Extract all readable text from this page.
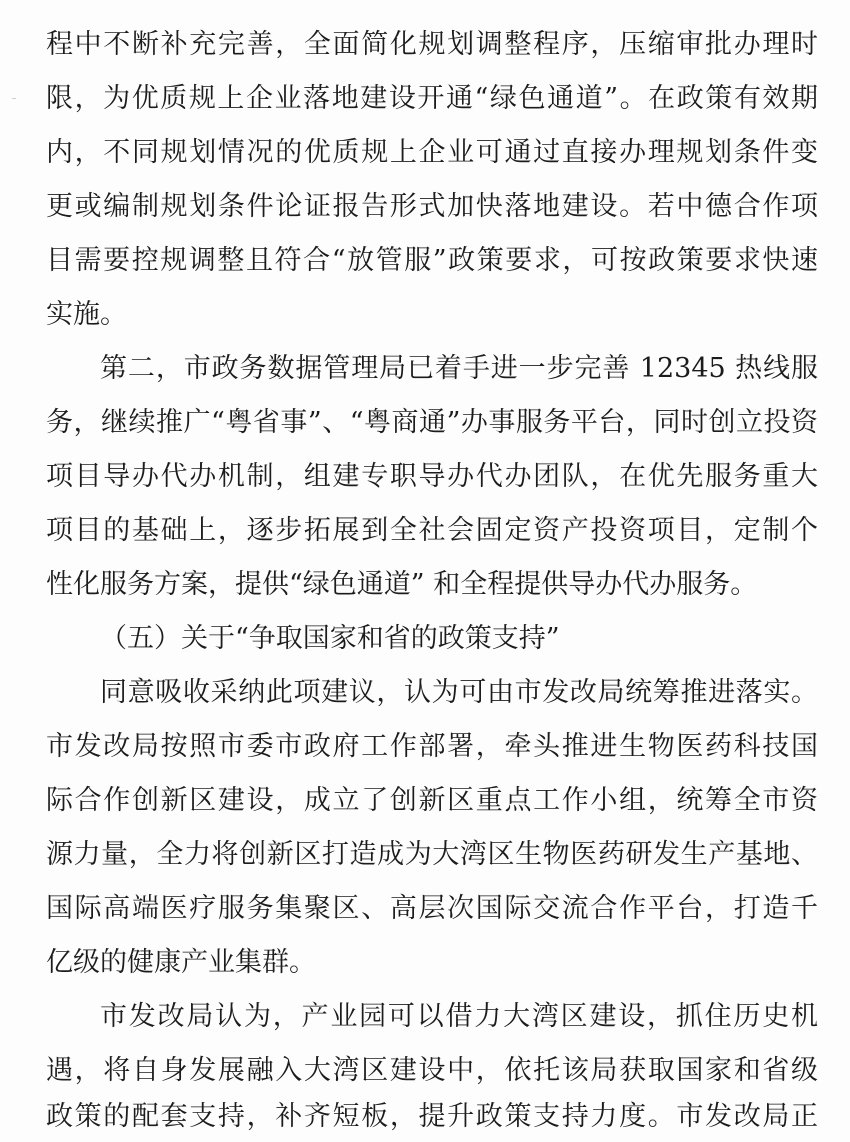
程中不断补充完善，全面简化规划调整程序，压缩审批办理时
限，为优质规上企业落地建设开通“绿色通道”。在政策有效期
内，不同规划情况的优质规上企业可通过直接办理规划条件变
更或编制规划条件论证报告形式加快落地建设。若中德合作项
目需要控规调整且符合“放管服”政策要求，可按政策要求快速
实施。
第二，市政务数据管理局已着手进一步完善 12345 热线服
务，继续推广“粤省事”、“粤商通”办事服务平台，同时创立投资
项目导办代办机制，组建专职导办代办团队，在优先服务重大
项目的基础上，逐步拓展到全社会固定资产投资项目，定制个
性化服务方案，提供“绿色通道” 和全程提供导办代办服务。
（五）关于“争取国家和省的政策支持”
同意吸收采纳此项建议，认为可由市发改局统筹推进落实。
市发改局按照市委市政府工作部署，牵头推进生物医药科技国
际合作创新区建设，成立了创新区重点工作小组，统筹全市资
源力量，全力将创新区打造成为大湾区生物医药研发生产基地、
国际高端医疗服务集聚区、高层次国际交流合作平台，打造千
亿级的健康产业集群。
市发改局认为，产业园可以借力大湾区建设，抓住历史机
遇，将自身发展融入大湾区建设中，依托该局获取国家和省级
政策的配套支持，补齐短板，提升政策支持力度。市发改局正
